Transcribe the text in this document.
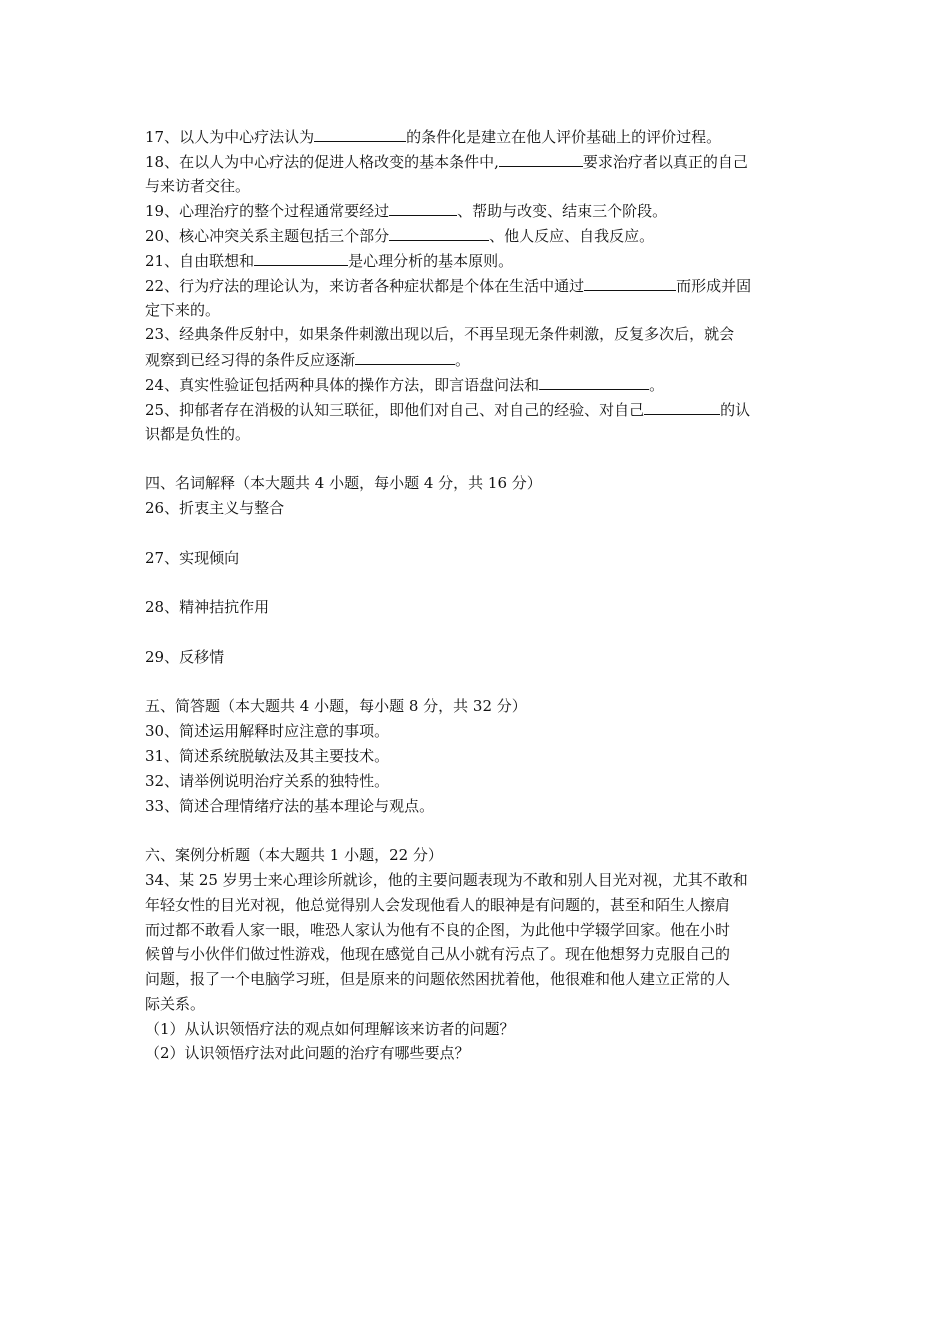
17、以人为中心疗法认为	的条件化是建立在他人评价基础上的评价过程。
18、在以人为中心疗法的促进人格改变的基本条件中,	要求治疗者以真正的自己
与来访者交往。
19、心理治疗的整个过程通常要经过	、帮助与改变、结束三个阶段。
20、核心冲突关系主题包括三个部分	、他人反应、自我反应。
21、自由联想和	是心理分析的基本原则。
22、行为疗法的理论认为，来访者各种症状都是个体在生活中通过	而形成并固
定下来的。
23、经典条件反射中，如果条件刺激出现以后，不再呈现无条件刺激，反复多次后，就会
观察到已经习得的条件反应逐渐	。
24、真实性验证包括两种具体的操作方法，即言语盘问法和	。
25、抑郁者存在消极的认知三联征，即他们对自己、对自己的经验、对自己	的认
识都是负性的。
四、名词解释（本大题共 4 小题，每小题 4 分，共 16 分）
26、折衷主义与整合
27、实现倾向
28、精神拮抗作用
29、反移情
五、简答题（本大题共 4 小题，每小题 8 分，共 32 分）
30、简述运用解释时应注意的事项。
31、简述系统脱敏法及其主要技术。
32、请举例说明治疗关系的独特性。
33、简述合理情绪疗法的基本理论与观点。
六、案例分析题（本大题共 1 小题，22 分）
34、某 25 岁男士来心理诊所就诊，他的主要问题表现为不敢和别人目光对视，尤其不敢和
年轻女性的目光对视，他总觉得别人会发现他看人的眼神是有问题的，甚至和陌生人擦肩
而过都不敢看人家一眼，唯恐人家认为他有不良的企图，为此他中学辍学回家。他在小时
候曾与小伙伴们做过性游戏，他现在感觉自己从小就有污点了。现在他想努力克服自己的
问题，报了一个电脑学习班，但是原来的问题依然困扰着他，他很难和他人建立正常的人
际关系。
（1）从认识领悟疗法的观点如何理解该来访者的问题？
（2）认识领悟疗法对此问题的治疗有哪些要点？
